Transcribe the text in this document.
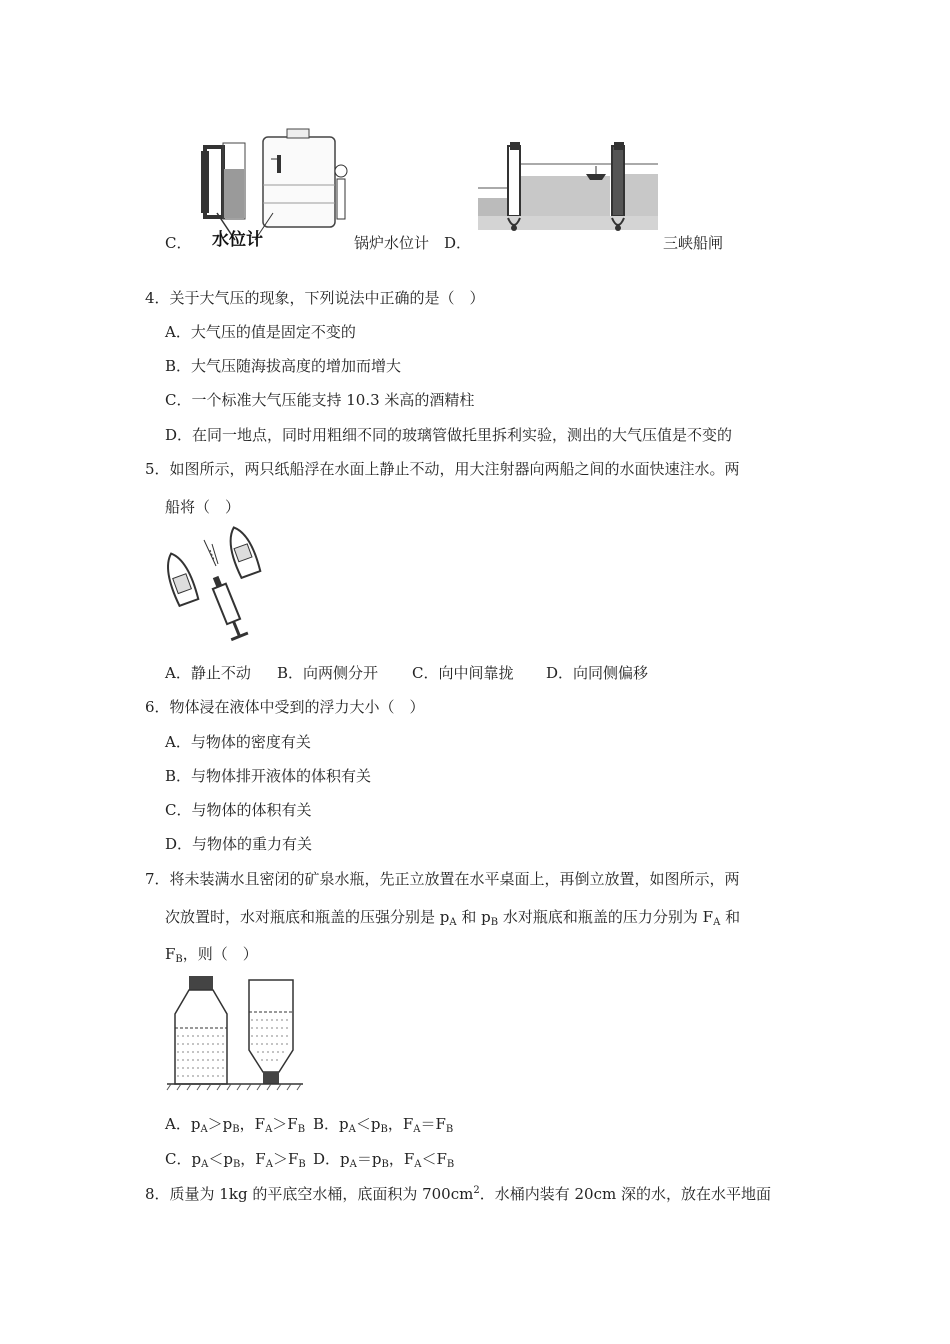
C． 水位计	锅炉水位计 D．	三峡船闸
4．关于大气压的现象，下列说法中正确的是（　）
A．大气压的值是固定不变的
B．大气压随海拔高度的增加而增大
C．一个标准大气压能支持 10.3 米高的酒精柱
D．在同一地点，同时用粗细不同的玻璃管做托里拆利实验，测出的大气压值是不变的
5．如图所示，两只纸船浮在水面上静止不动，用大注射器向两船之间的水面快速注水。两
船将（　）
A．静止不动 B．向两侧分开 C．向中间靠拢 D．向同侧偏移
6．物体浸在液体中受到的浮力大小（　）
A．与物体的密度有关
B．与物体排开液体的体积有关
C．与物体的体积有关
D．与物体的重力有关
7．将未装满水且密闭的矿泉水瓶，先正立放置在水平桌面上，再倒立放置，如图所示，两
次放置时，水对瓶底和瓶盖的压强分别是 $p_A$ 和 $p_B$ 水对瓶底和瓶盖的压力分别为 $F_A$ 和
$F_B$，则（　）
A．$p_A>p_B$，$F_A>F_B$ B．$p_A<p_B$，$F_A=F_B$
C．$p_A<p_B$，$F_A>F_B$ D．$p_A=p_B$，$F_A<F_B$
8．质量为 1kg 的平底空水桶，底面积为 $700cm^2$．水桶内装有 20cm 深的水，放在水平地面
